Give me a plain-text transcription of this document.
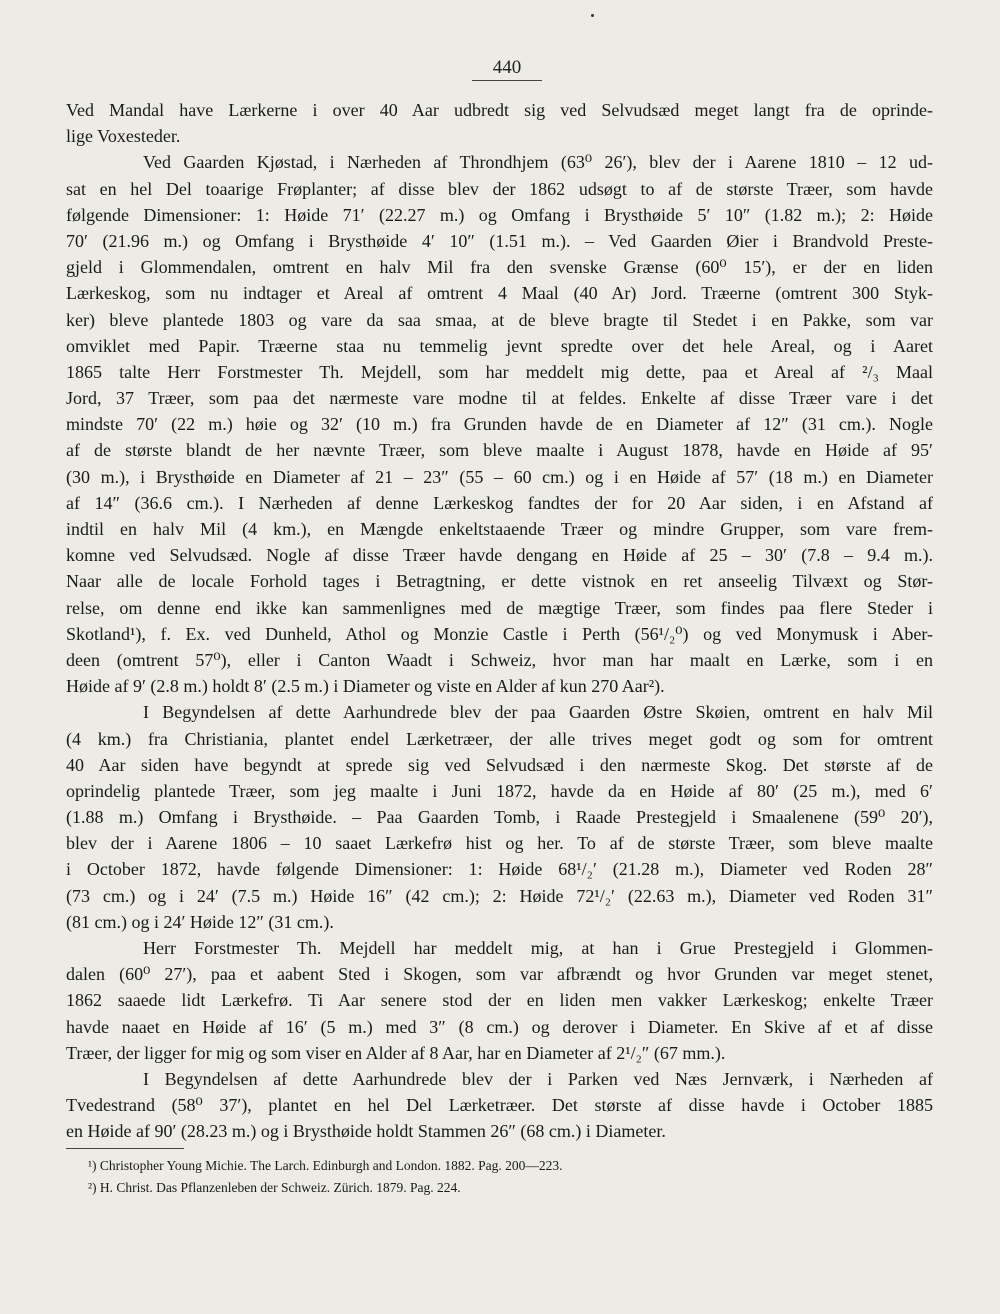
440
Ved Mandal have Lærkerne i over 40 Aar udbredt sig ved Selvudsæd meget langt fra de oprinde-
lige Voxesteder.
Ved Gaarden Kjøstad, i Nærheden af Throndhjem (63⁰ 26′), blev der i Aarene 1810 – 12 ud-
sat en hel Del toaarige Frøplanter; af disse blev der 1862 udsøgt to af de største Træer, som havde
følgende Dimensioner: 1: Høide 71′ (22.27 m.) og Omfang i Brysthøide 5′ 10″ (1.82 m.); 2: Høide
70′ (21.96 m.) og Omfang i Brysthøide 4′ 10″ (1.51 m.). – Ved Gaarden Øier i Brandvold Preste-
gjeld i Glommendalen, omtrent en halv Mil fra den svenske Grænse (60⁰ 15′), er der en liden
Lærkeskog, som nu indtager et Areal af omtrent 4 Maal (40 Ar) Jord. Træerne (omtrent 300 Styk-
ker) bleve plantede 1803 og vare da saa smaa, at de bleve bragte til Stedet i en Pakke, som var
omviklet med Papir. Træerne staa nu temmelig jevnt spredte over det hele Areal, og i Aaret
1865 talte Herr Forstmester Th. Mejdell, som har meddelt mig dette, paa et Areal af ²/₃ Maal
Jord, 37 Træer, som paa det nærmeste vare modne til at feldes. Enkelte af disse Træer vare i det
mindste 70′ (22 m.) høie og 32′ (10 m.) fra Grunden havde de en Diameter af 12″ (31 cm.). Nogle
af de største blandt de her nævnte Træer, som bleve maalte i August 1878, havde en Høide af 95′
(30 m.), i Brysthøide en Diameter af 21 – 23″ (55 – 60 cm.) og i en Høide af 57′ (18 m.) en Diameter
af 14″ (36.6 cm.). I Nærheden af denne Lærkeskog fandtes der for 20 Aar siden, i en Afstand af
indtil en halv Mil (4 km.), en Mængde enkeltstaaende Træer og mindre Grupper, som vare frem-
komne ved Selvudsæd. Nogle af disse Træer havde dengang en Høide af 25 – 30′ (7.8 – 9.4 m.).
Naar alle de locale Forhold tages i Betragtning, er dette vistnok en ret anseelig Tilvæxt og Stør-
relse, om denne end ikke kan sammenlignes med de mægtige Træer, som findes paa flere Steder i
Skotland¹), f. Ex. ved Dunheld, Athol og Monzie Castle i Perth (56¹/₂⁰) og ved Monymusk i Aber-
deen (omtrent 57⁰), eller i Canton Waadt i Schweiz, hvor man har maalt en Lærke, som i en
Høide af 9′ (2.8 m.) holdt 8′ (2.5 m.) i Diameter og viste en Alder af kun 270 Aar²).
I Begyndelsen af dette Aarhundrede blev der paa Gaarden Østre Skøien, omtrent en halv Mil
(4 km.) fra Christiania, plantet endel Lærketræer, der alle trives meget godt og som for omtrent
40 Aar siden have begyndt at sprede sig ved Selvudsæd i den nærmeste Skog. Det største af de
oprindelig plantede Træer, som jeg maalte i Juni 1872, havde da en Høide af 80′ (25 m.), med 6′
(1.88 m.) Omfang i Brysthøide. – Paa Gaarden Tomb, i Raade Prestegjeld i Smaalenene (59⁰ 20′),
blev der i Aarene 1806 – 10 saaet Lærkefrø hist og her. To af de største Træer, som bleve maalte
i October 1872, havde følgende Dimensioner: 1: Høide 68¹/₂′ (21.28 m.), Diameter ved Roden 28″
(73 cm.) og i 24′ (7.5 m.) Høide 16″ (42 cm.); 2: Høide 72¹/₂′ (22.63 m.), Diameter ved Roden 31″
(81 cm.) og i 24′ Høide 12″ (31 cm.).
Herr Forstmester Th. Mejdell har meddelt mig, at han i Grue Prestegjeld i Glommen-
dalen (60⁰ 27′), paa et aabent Sted i Skogen, som var afbrændt og hvor Grunden var meget stenet,
1862 saaede lidt Lærkefrø. Ti Aar senere stod der en liden men vakker Lærkeskog; enkelte Træer
havde naaet en Høide af 16′ (5 m.) med 3″ (8 cm.) og derover i Diameter. En Skive af et af disse
Træer, der ligger for mig og som viser en Alder af 8 Aar, har en Diameter af 2¹/₂″ (67 mm.).
I Begyndelsen af dette Aarhundrede blev der i Parken ved Næs Jernværk, i Nærheden af
Tvedestrand (58⁰ 37′), plantet en hel Del Lærketræer. Det største af disse havde i October 1885
en Høide af 90′ (28.23 m.) og i Brysthøide holdt Stammen 26″ (68 cm.) i Diameter.
¹) Christopher Young Michie. The Larch. Edinburgh and London. 1882. Pag. 200—223.
²) H. Christ. Das Pflanzenleben der Schweiz. Zürich. 1879. Pag. 224.
